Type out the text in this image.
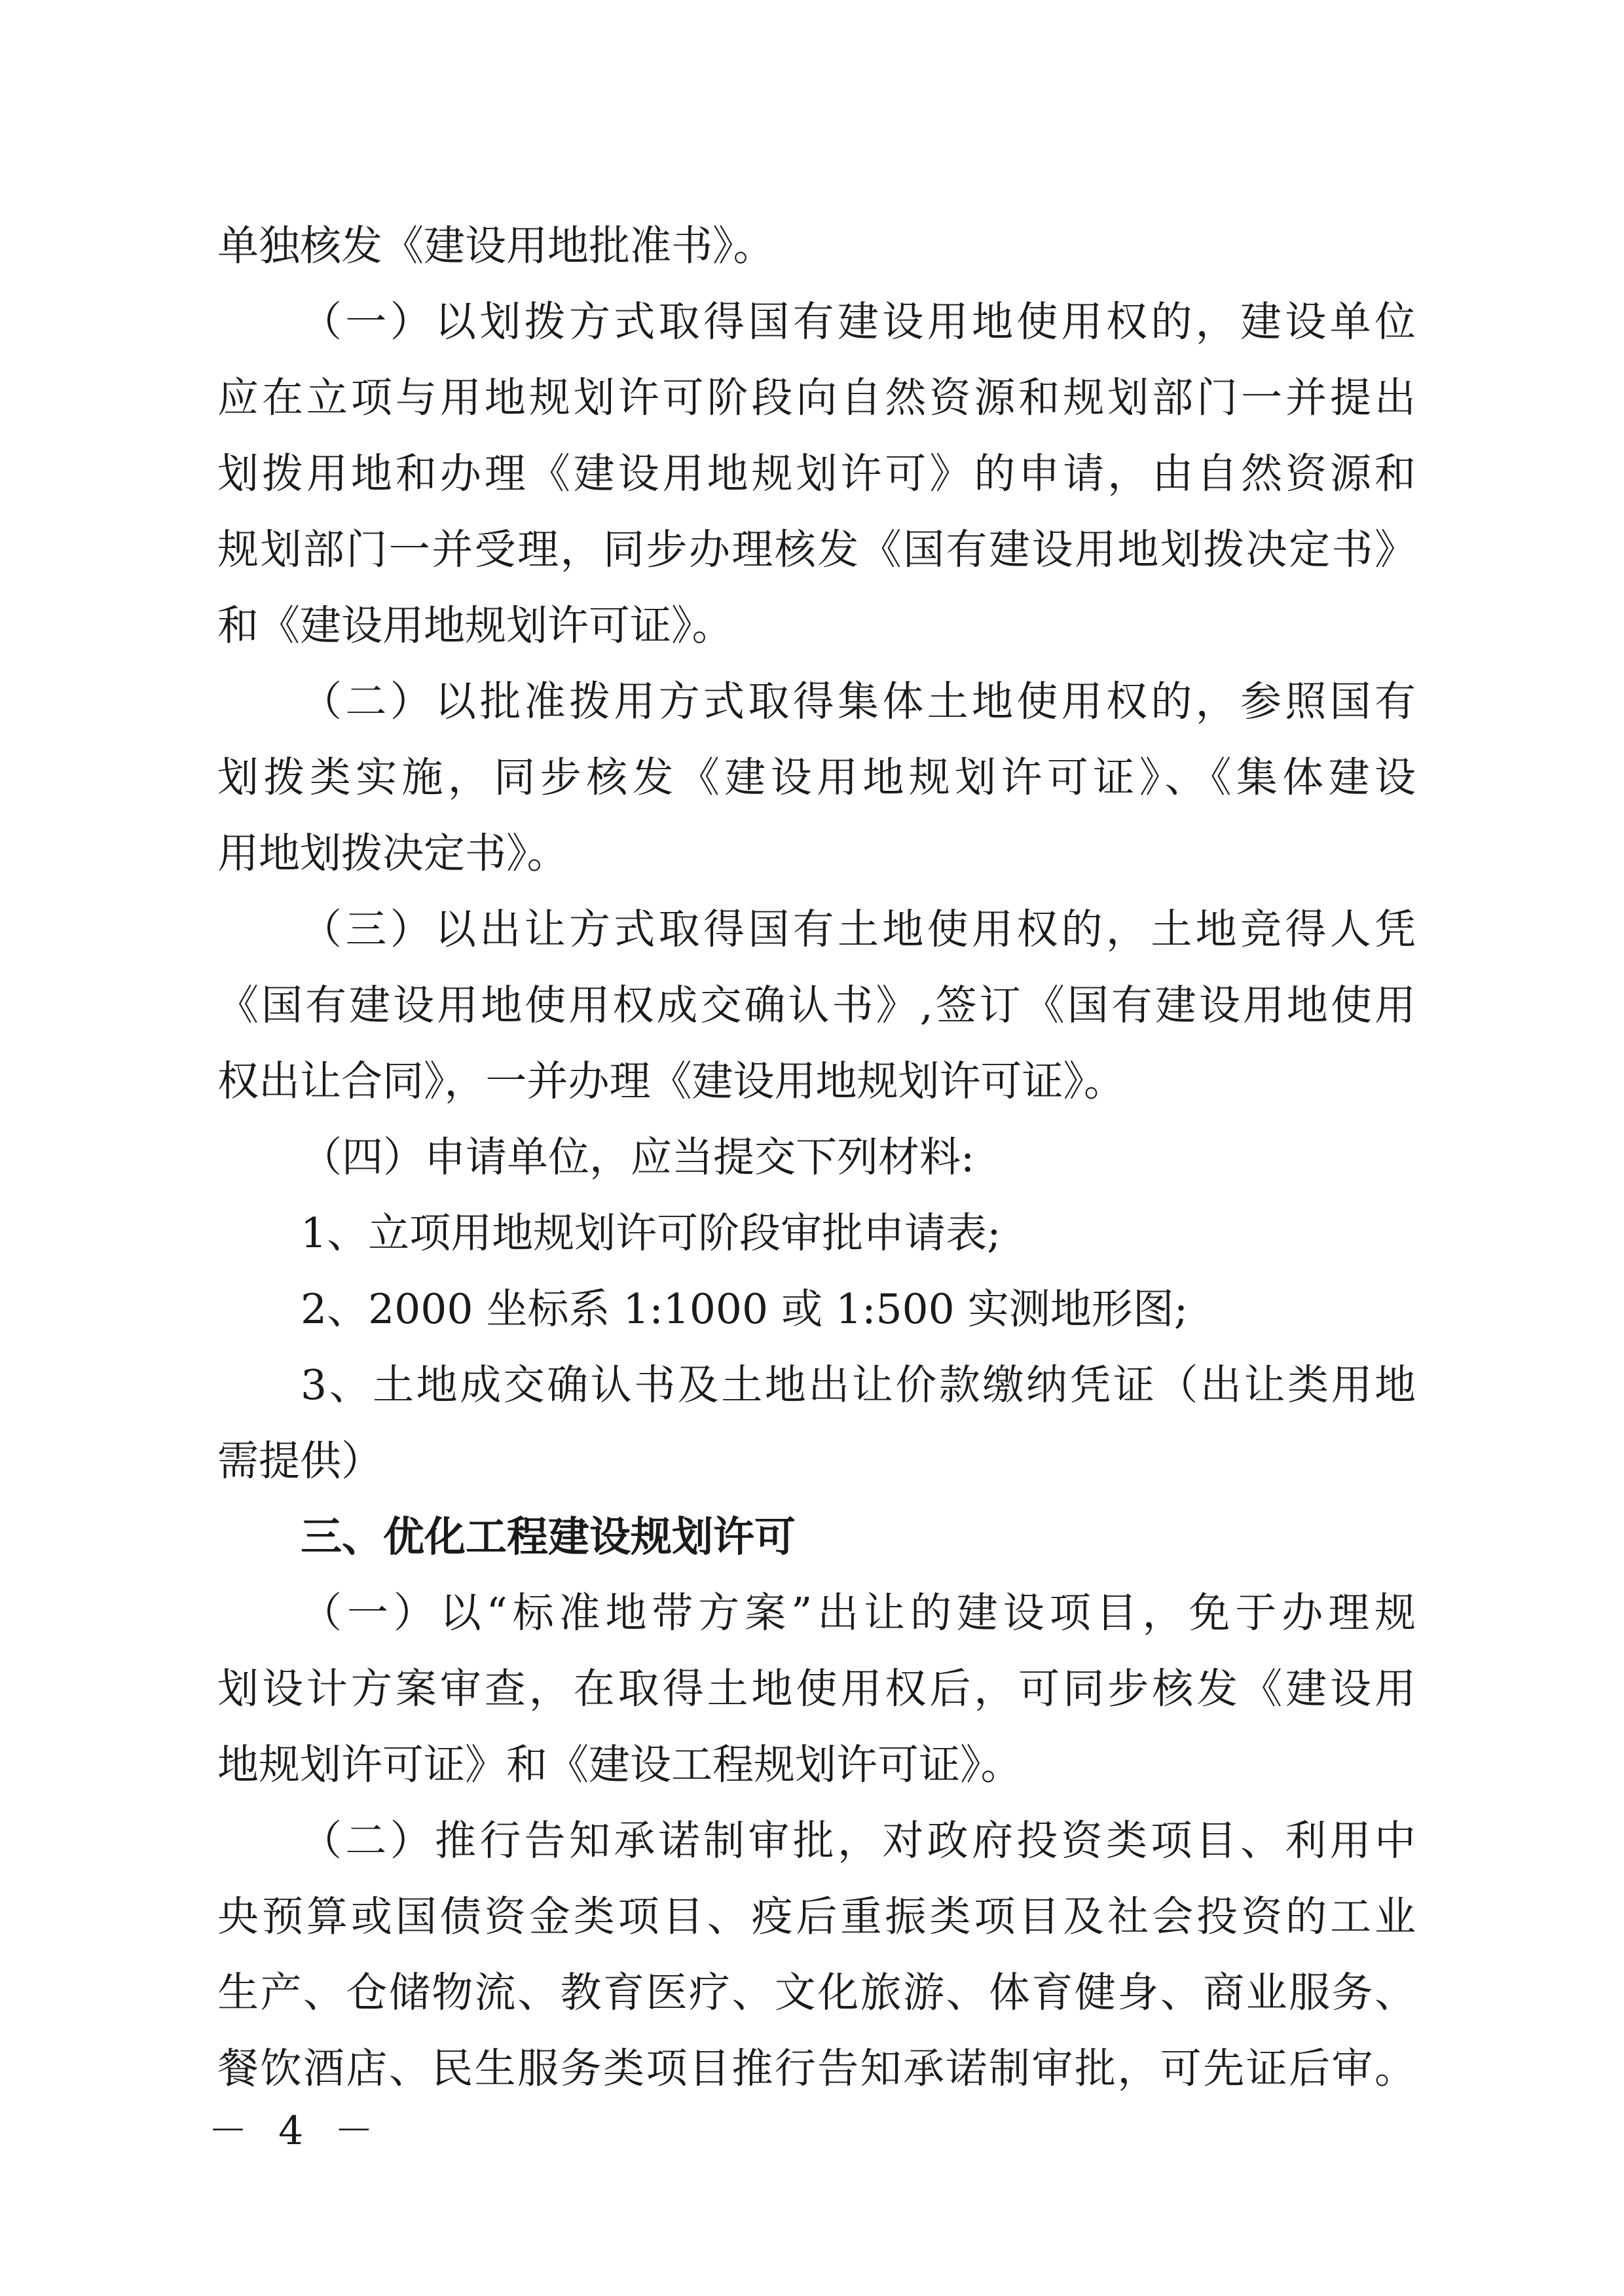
单独核发《建设用地批准书》。
（一）以划拨方式取得国有建设用地使用权的，建设单位
应在立项与用地规划许可阶段向自然资源和规划部门一并提出
划拨用地和办理《建设用地规划许可》的申请，由自然资源和
规划部门一并受理，同步办理核发《国有建设用地划拨决定书》
和《建设用地规划许可证》。
（二）以批准拨用方式取得集体土地使用权的，参照国有
划拨类实施，同步核发《建设用地规划许可证》、《集体建设
用地划拨决定书》。
（三）以出让方式取得国有土地使用权的，土地竞得人凭
《国有建设用地使用权成交确认书》,签订《国有建设用地使用
权出让合同》，一并办理《建设用地规划许可证》。
（四）申请单位，应当提交下列材料:
1、立项用地规划许可阶段审批申请表;
2、2000 坐标系 1:1000 或 1:500 实测地形图;
3、土地成交确认书及土地出让价款缴纳凭证（出让类用地
需提供）
三、优化工程建设规划许可
（一）以“标准地带方案”出让的建设项目，免于办理规
划设计方案审查，在取得土地使用权后，可同步核发《建设用
地规划许可证》和《建设工程规划许可证》。
（二）推行告知承诺制审批，对政府投资类项目、利用中
央预算或国债资金类项目、疫后重振类项目及社会投资的工业
生产、仓储物流、教育医疗、文化旅游、体育健身、商业服务、
餐饮酒店、民生服务类项目推行告知承诺制审批，可先证后审。
－ 4 －
